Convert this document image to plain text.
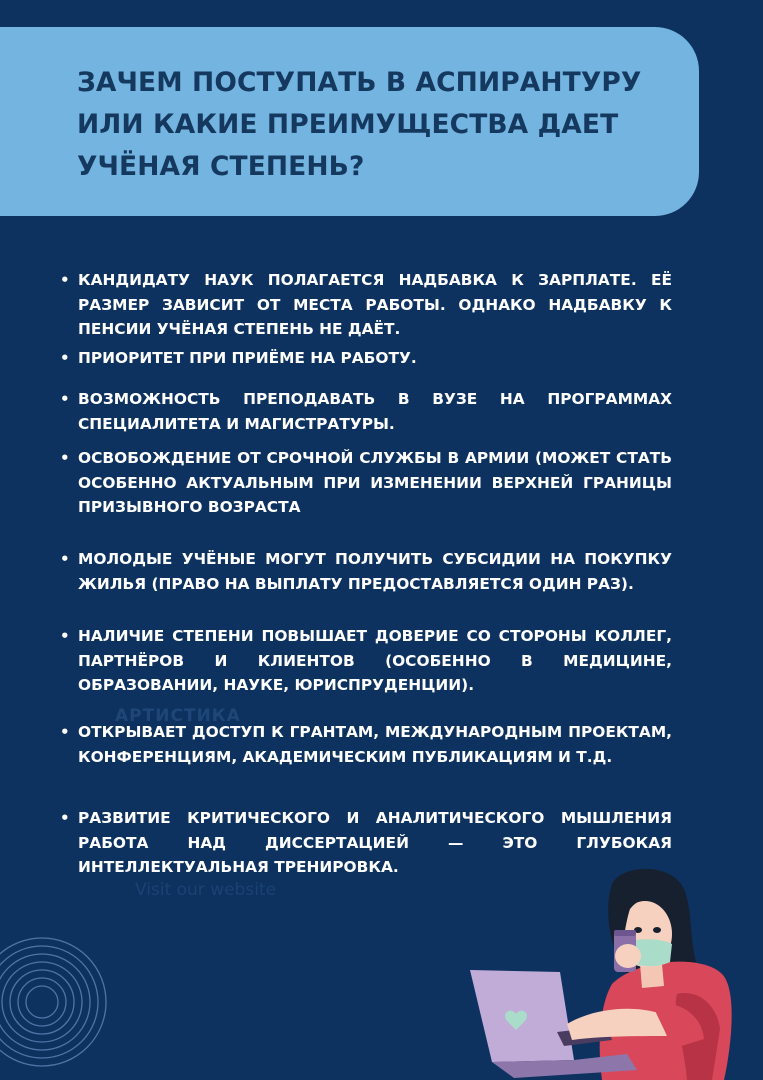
ЗАЧЕМ ПОСТУПАТЬ В АСПИРАНТУРУ
ИЛИ КАКИЕ ПРЕИМУЩЕСТВА ДАЕТ
УЧЁНАЯ СТЕПЕНЬ?
• КАНДИДАТУ НАУК ПОЛАГАЕТСЯ НАДБАВКА К ЗАРПЛАТЕ. ЕЁ
РАЗМЕР ЗАВИСИТ ОТ МЕСТА РАБОТЫ. ОДНАКО НАДБАВКУ К
ПЕНСИИ УЧЁНАЯ СТЕПЕНЬ НЕ ДАЁТ.
• ПРИОРИТЕТ ПРИ ПРИЁМЕ НА РАБОТУ.
• ВОЗМОЖНОСТЬ ПРЕПОДАВАТЬ В ВУЗЕ НА ПРОГРАММАХ
СПЕЦИАЛИТЕТА И МАГИСТРАТУРЫ.
• ОСВОБОЖДЕНИЕ ОТ СРОЧНОЙ СЛУЖБЫ В АРМИИ (МОЖЕТ СТАТЬ
ОСОБЕННО АКТУАЛЬНЫМ ПРИ ИЗМЕНЕНИИ ВЕРХНЕЙ ГРАНИЦЫ
ПРИЗЫВНОГО ВОЗРАСТА
• МОЛОДЫЕ УЧЁНЫЕ МОГУТ ПОЛУЧИТЬ СУБСИДИИ НА ПОКУПКУ
ЖИЛЬЯ (ПРАВО НА ВЫПЛАТУ ПРЕДОСТАВЛЯЕТСЯ ОДИН РАЗ).
• НАЛИЧИЕ СТЕПЕНИ ПОВЫШАЕТ ДОВЕРИЕ СО СТОРОНЫ КОЛЛЕГ,
ПАРТНЁРОВ И КЛИЕНТОВ (ОСОБЕННО В МЕДИЦИНЕ,
ОБРАЗОВАНИИ, НАУКЕ, ЮРИСПРУДЕНЦИИ).
АРТИСТИКА
• ОТКРЫВАЕТ ДОСТУП К ГРАНТАМ, МЕЖДУНАРОДНЫМ ПРОЕКТАМ,
КОНФЕРЕНЦИЯМ, АКАДЕМИЧЕСКИМ ПУБЛИКАЦИЯМ И Т.Д.
• РАЗВИТИЕ КРИТИЧЕСКОГО И АНАЛИТИЧЕСКОГО МЫШЛЕНИЯ
РАБОТА НАД ДИССЕРТАЦИЕЙ — ЭТО ГЛУБОКАЯ
ИНТЕЛЛЕКТУАЛЬНАЯ ТРЕНИРОВКА.
Visit our website
